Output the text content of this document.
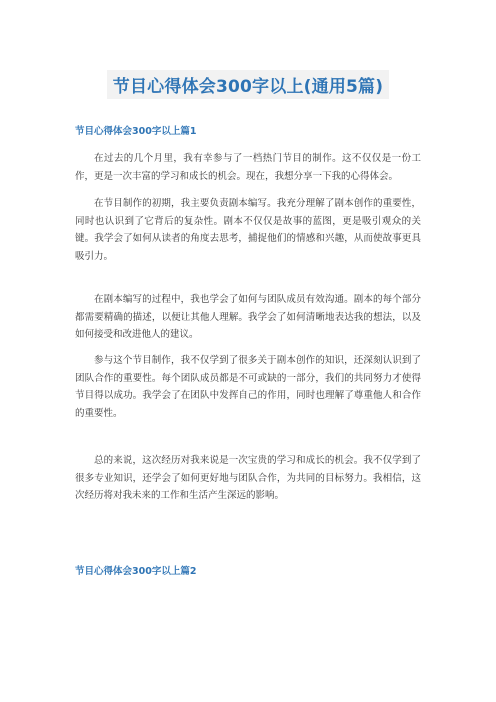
节目心得体会300字以上(通用5篇)
节目心得体会300字以上篇1

在过去的几个月里，我有幸参与了一档热门节目的制作。这不仅仅是一份工作，更是一次丰富的学习和成长的机会。现在，我想分享一下我的心得体会。

在节目制作的初期，我主要负责剧本编写。我充分理解了剧本创作的重要性，同时也认识到了它背后的复杂性。剧本不仅仅是故事的蓝图，更是吸引观众的关键。我学会了如何从读者的角度去思考，捕捉他们的情感和兴趣，从而使故事更具吸引力。

在剧本编写的过程中，我也学会了如何与团队成员有效沟通。剧本的每个部分都需要精确的描述，以便让其他人理解。我学会了如何清晰地表达我的想法，以及如何接受和改进他人的建议。

参与这个节目制作，我不仅学到了很多关于剧本创作的知识，还深刻认识到了团队合作的重要性。每个团队成员都是不可或缺的一部分，我们的共同努力才使得节目得以成功。我学会了在团队中发挥自己的作用，同时也理解了尊重他人和合作的重要性。

总的来说，这次经历对我来说是一次宝贵的学习和成长的机会。我不仅学到了很多专业知识，还学会了如何更好地与团队合作，为共同的目标努力。我相信，这次经历将对我未来的工作和生活产生深远的影响。

节目心得体会300字以上篇2
